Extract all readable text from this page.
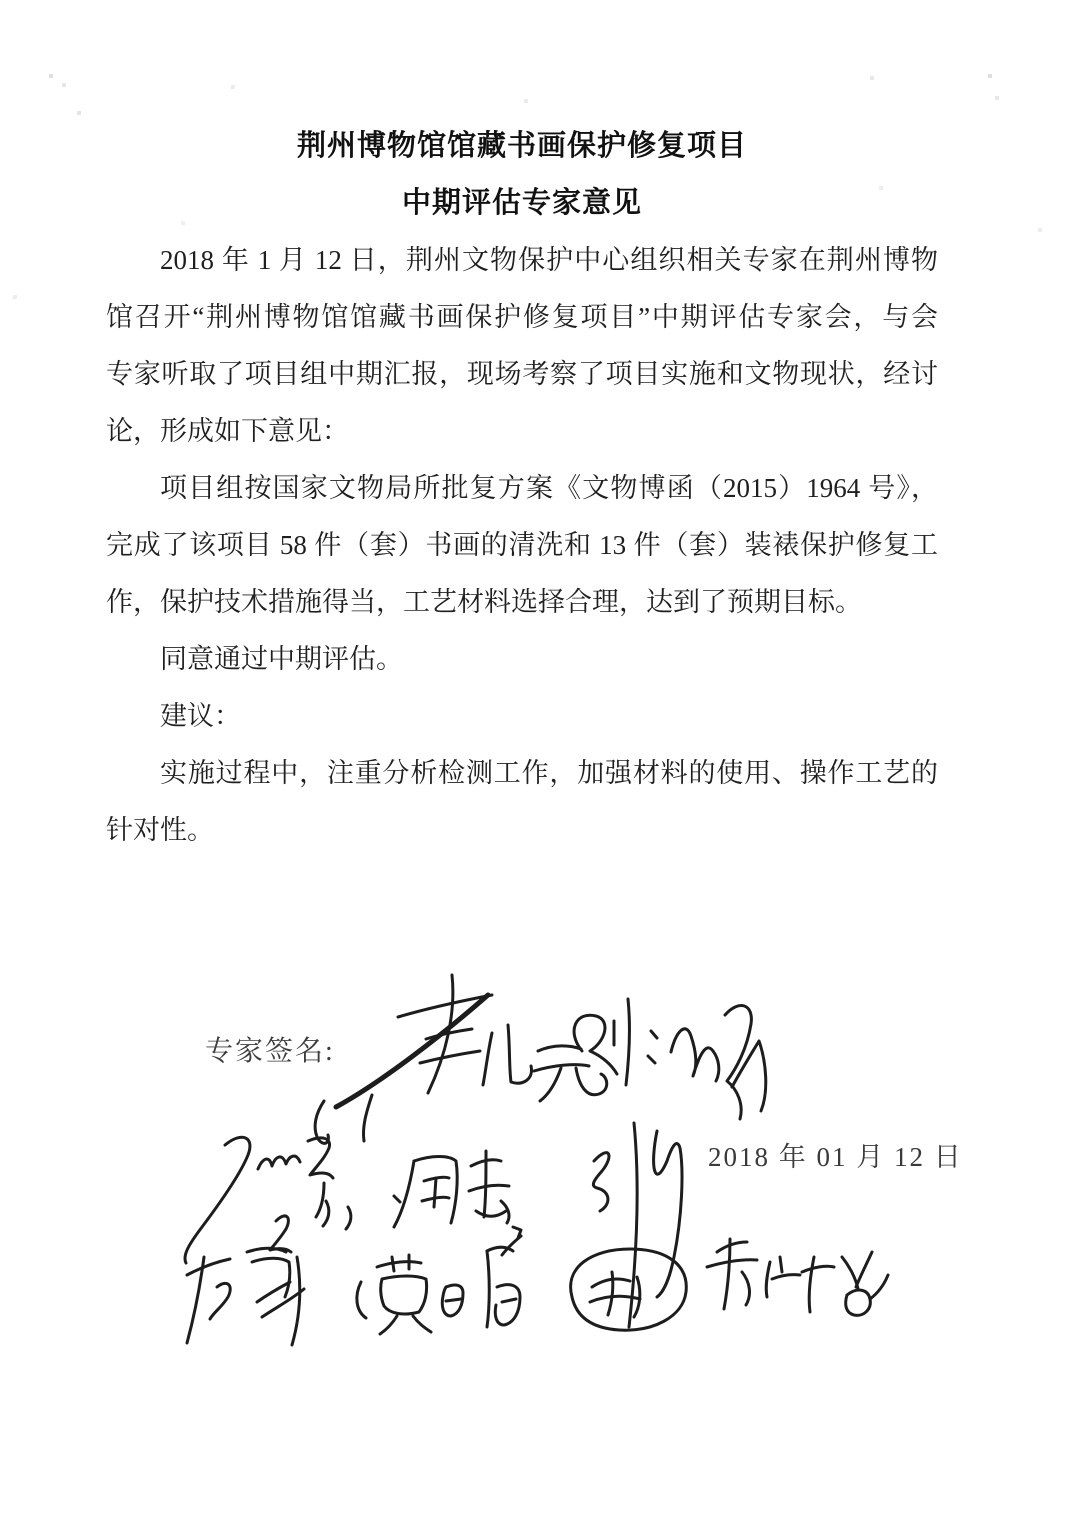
荆州博物馆馆藏书画保护修复项目
中期评估专家意见
2018 年 1 月 12 日，荆州文物保护中心组织相关专家在荆州博物
馆召开“荆州博物馆馆藏书画保护修复项目”中期评估专家会，与会
专家听取了项目组中期汇报，现场考察了项目实施和文物现状，经讨
论，形成如下意见：
项目组按国家文物局所批复方案《文物博函（2015）1964 号》，
完成了该项目 58 件（套）书画的清洗和 13 件（套）装裱保护修复工
作，保护技术措施得当，工艺材料选择合理，达到了预期目标。
同意通过中期评估。
建议：
实施过程中，注重分析检测工作，加强材料的使用、操作工艺的
针对性。
专家签名:
2018 年 01 月 12 日
